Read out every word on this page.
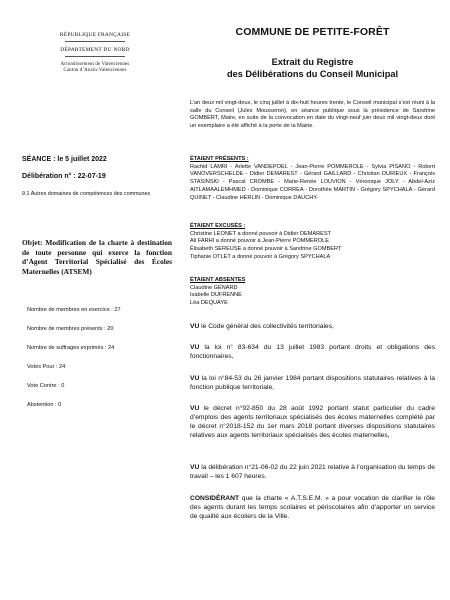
RÉPUBLIQUE FRANÇAISE
DÉPARTEMENT DU NORD
Arrondissement de Valenciennes
Canton d’Anzin-Valenciennes
COMMUNE DE PETITE-FORÊT
Extrait du Registre
des Délibérations du Conseil Municipal
L’an deux mil vingt-deux, le cinq juillet à dix-huit heures trente, le Conseil municipal s’est réuni à la salle du Conseil (Jules Mousseron), en séance publique sous la présidence de Sandrine GOMBERT, Maire, en suite de la convocation en date du vingt-neuf juin deux mil vingt-deux dont un exemplaire a été affiché à la porte de la Mairie.
ÉTAIENT PRÉSENTS :
Rachid LAMRI - Arlette VANDEPOEL - Jean-Pierre POMMEROLE - Sylvia PISANO - Robert VANOVERSCHELDE - Didier DEMAREST - Gérard GAILLARD - Christian DURIEUX - François STASINSKI - Pascal CROMBE - Marie-Renée LOUVION - Véronique JOLY - Abdel-Aziz AITLAMAALEMHMED - Dominique CORREA - Dorothée MARTIN - Grégory SPYCHALA - Gérard QUINET - Claudine HERLIN - Dominique DAUCHY-
ÉTAIENT EXCUSÉS :
Christine LEONET a donné pouvoir à Didier DEMAREST
Ali FARHI a donné pouvoir à Jean-Pierre POMMEROLE
Élisabeth SEREUSE a donné pouvoir à Sandrine GOMBERT
Tiphanie OTLET a donné pouvoir à Grégory SPYCHALA
ÉTAIENT ABSENTES
Claudine GÉNARD
Isabelle DUFRENNE
Léa DEQUAYE
SÉANCE : le 5 juillet 2022
Délibération n° : 22-07-19
9.1 Autres domaines de compétences des communes
Objet: Modification de la charte à destination de toute personne qui exerce la fonction d’Agent Territorial Spécialisé des Écoles Maternelles (ATSEM)
Nombre de membres en exercice : 27
Nombre de membres présents : 20
Nombre de suffrages exprimés : 24
Votes Pour : 24
Vote Contre : 0
Abstention : 0
VU le Code général des collectivités territoriales,
VU la loi n° 83-634 du 13 juillet 1983 portant droits et obligations des fonctionnaires,
VU la loi n°84-53 du 26 janvier 1984 portant dispositions statutaires relatives à la fonction publique territoriale,
VU le décret n°92-850 du 28 août 1992 portant statut particulier du cadre d’emplois des agents territoriaux spécialisés des écoles maternelles complété par le décret n°2018-152 du 1er mars 2018 portant diverses dispositions statutaires relatives aux agents territoriaux spécialisés des écoles maternelles,
VU la délibération n°21-06-02 du 22 juin 2021 relative à l’organisation du temps de travail – les 1 607 heures.
CONSIDÉRANT que la charte « A.T.S.E.M. » a pour vocation de clarifier le rôle des agents durant les temps scolaires et périscolaires afin d’apporter un service de qualité aux écoliers de la Ville.
